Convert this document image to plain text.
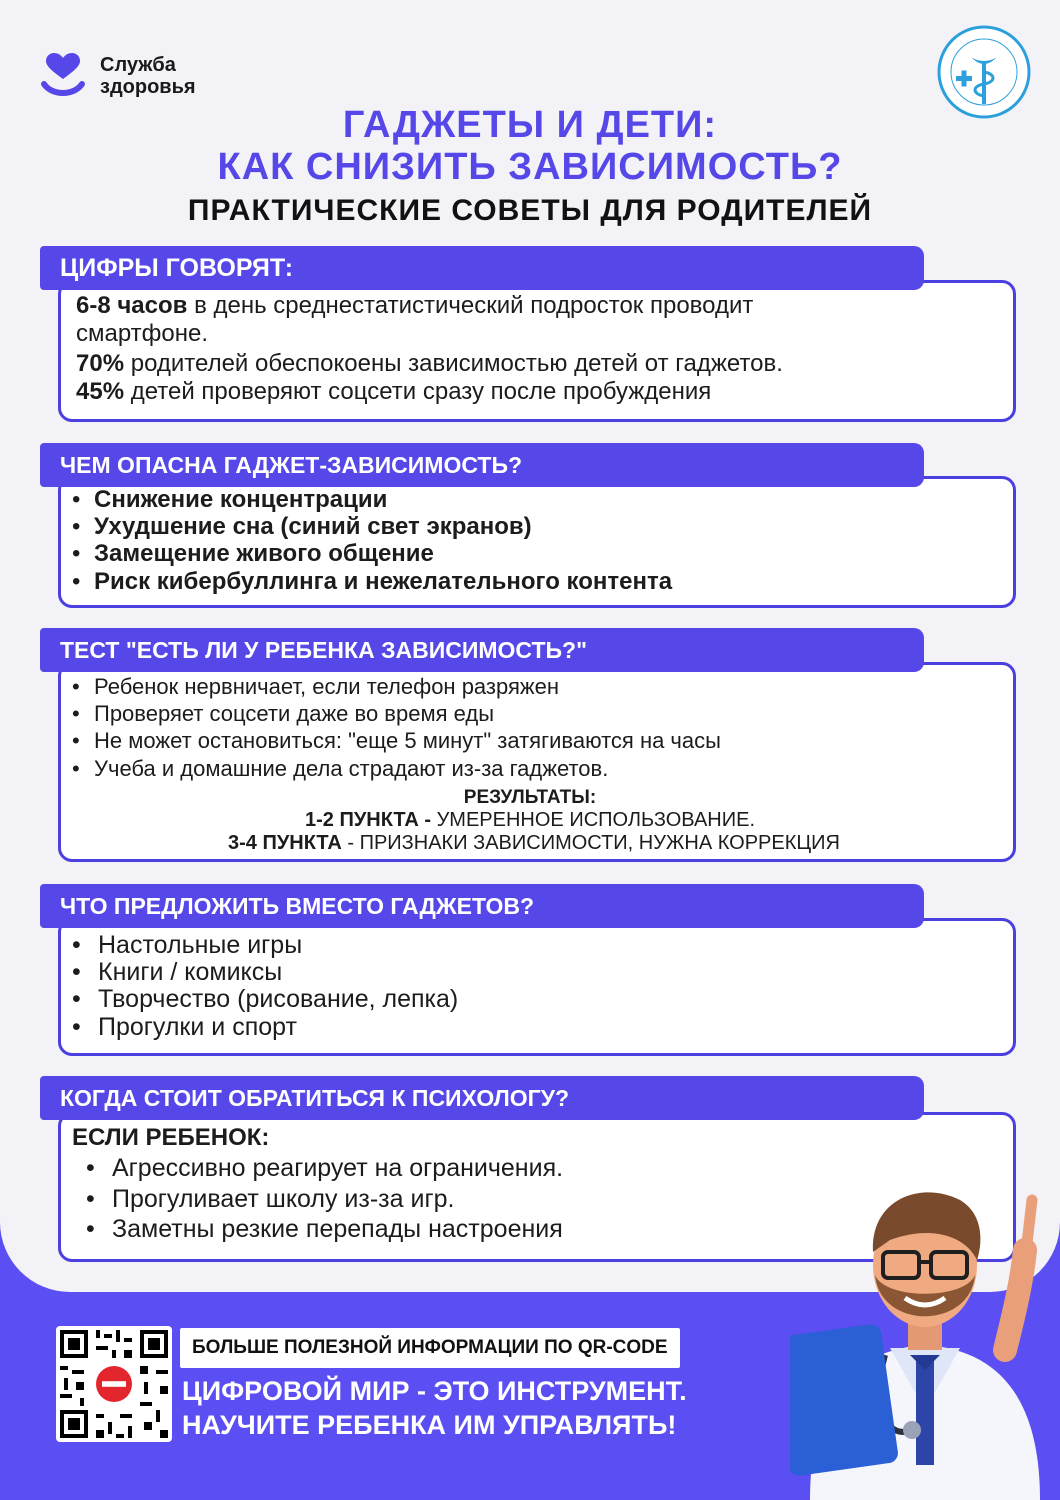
Служба
здоровья
ГАДЖЕТЫ И ДЕТИ:
КАК СНИЗИТЬ ЗАВИСИМОСТЬ?
ПРАКТИЧЕСКИЕ СОВЕТЫ ДЛЯ РОДИТЕЛЕЙ
ЦИФРЫ ГОВОРЯТ:
6-8 часов в день среднестатистический подросток проводит
смартфоне.
70% родителей обеспокоены зависимостью детей от гаджетов.
45% детей проверяют соцсети сразу после пробуждения
ЧЕМ ОПАСНА ГАДЖЕТ-ЗАВИСИМОСТЬ?
• Снижение концентрации
• Ухудшение сна (синий свет экранов)
• Замещение живого общение
• Риск кибербуллинга и нежелательного контента
ТЕСТ "ЕСТЬ ЛИ У РЕБЕНКА ЗАВИСИМОСТЬ?"
• Ребенок нервничает, если телефон разряжен
• Проверяет соцсети даже во время еды
• Не может остановиться: "еще 5 минут" затягиваются на часы
• Учеба и домашние дела страдают из-за гаджетов.
РЕЗУЛЬТАТЫ:
1-2 ПУНКТА - УМЕРЕННОЕ ИСПОЛЬЗОВАНИЕ.
3-4 ПУНКТА - ПРИЗНАКИ ЗАВИСИМОСТИ, НУЖНА КОРРЕКЦИЯ
ЧТО ПРЕДЛОЖИТЬ ВМЕСТО ГАДЖЕТОВ?
• Настольные игры
• Книги / комиксы
• Творчество (рисование, лепка)
• Прогулки и спорт
КОГДА СТОИТ ОБРАТИТЬСЯ К ПСИХОЛОГУ?
ЕСЛИ РЕБЕНОК:
• Агрессивно реагирует на ограничения.
• Прогуливает школу из-за игр.
• Заметны резкие перепады настроения
БОЛЬШЕ ПОЛЕЗНОЙ ИНФОРМАЦИИ ПО QR-CODE
ЦИФРОВОЙ МИР - ЭТО ИНСТРУМЕНТ.
НАУЧИТЕ РЕБЕНКА ИМ УПРАВЛЯТЬ!
